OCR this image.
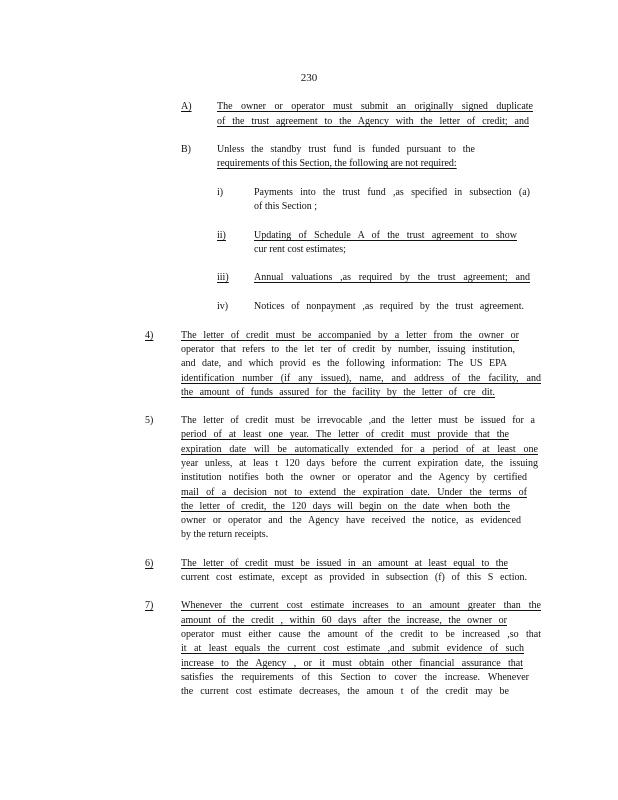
230
A)	The owner or operator must submit an originally signed duplicate
of the trust agreement to the Agency with the letter of credit; and
B)	Unless the standby trust fund is funded pursuant to the
requirements of this Section, the following are not required:
i)	Payments into the trust fund ,as specified in subsection (a)
of this Section ;
ii)	Updating of Schedule A of the trust agreement to show
cur rent cost estimates;
iii)	Annual valuations ,as required by the trust agreement; and
iv)	Notices of nonpayment ,as required by the trust agreement.
4)	The letter of credit must be accompanied by a letter from the owner or
operator that refers to the let ter of credit by number, issuing institution,
and date, and which provid es the following information: The US EPA
identification number (if any issued), name, and address of the facility, and
the amount of funds assured for the facility by the letter of cre dit.
5)	The letter of credit must be irrevocable ,and the letter must be issued for a
period of at least one year. The letter of credit must provide that the
expiration date will be automatically extended for a period of at least one
year unless, at leas t 120 days before the current expiration date, the issuing
institution notifies both the owner or operator and the Agency by certified
mail of a decision not to extend the expiration date. Under the terms of
the letter of credit, the 120 days will begin on the date when both the
owner or operator and the Agency have received the notice, as evidenced
by the return receipts.
6)	The letter of credit must be issued in an amount at least equal to the
current cost estimate, except as provided in subsection (f) of this S ection.
7)	Whenever the current cost estimate increases to an amount greater than the
amount of the credit , within 60 days after the increase, the owner or
operator must either cause the amount of the credit to be increased ,so that
it at least equals the current cost estimate ,and submit evidence of such
increase to the Agency , or it must obtain other financial assurance that
satisfies the requirements of this Section to cover the increase. Whenever
the current cost estimate decreases, the amoun t of the credit may be
